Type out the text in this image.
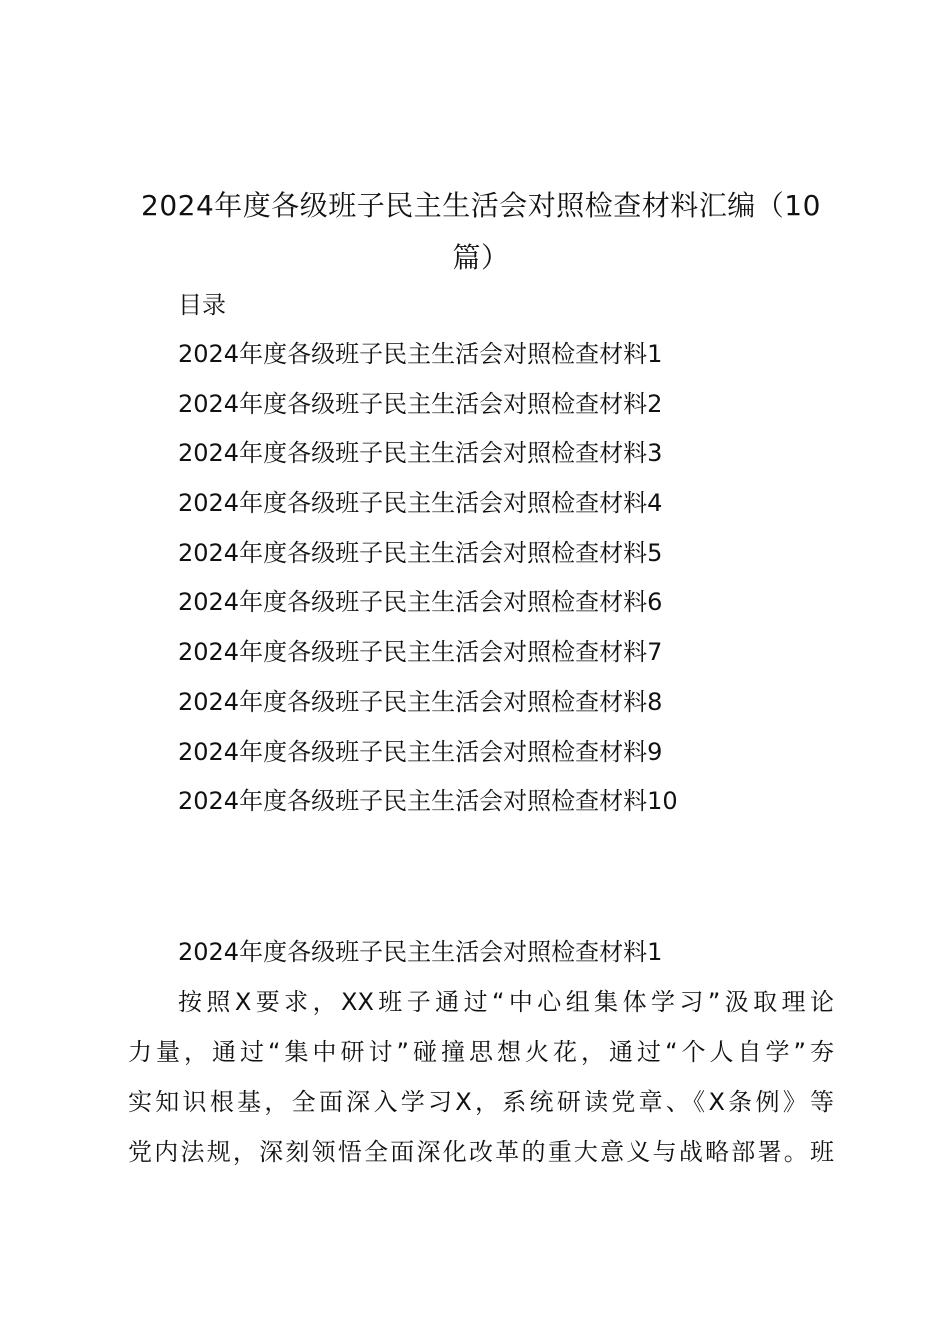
2024年度各级班子民主生活会对照检查材料汇编（10篇）
目录
2024年度各级班子民主生活会对照检查材料1
2024年度各级班子民主生活会对照检查材料2
2024年度各级班子民主生活会对照检查材料3
2024年度各级班子民主生活会对照检查材料4
2024年度各级班子民主生活会对照检查材料5
2024年度各级班子民主生活会对照检查材料6
2024年度各级班子民主生活会对照检查材料7
2024年度各级班子民主生活会对照检查材料8
2024年度各级班子民主生活会对照检查材料9
2024年度各级班子民主生活会对照检查材料10
2024年度各级班子民主生活会对照检查材料1
按照X要求，XX班子通过“中心组集体学习”汲取理论
力量，通过“集中研讨”碰撞思想火花，通过“个人自学”夯
实知识根基，全面深入学习X，系统研读党章、《X条例》等
党内法规，深刻领悟全面深化改革的重大意义与战略部署。班
